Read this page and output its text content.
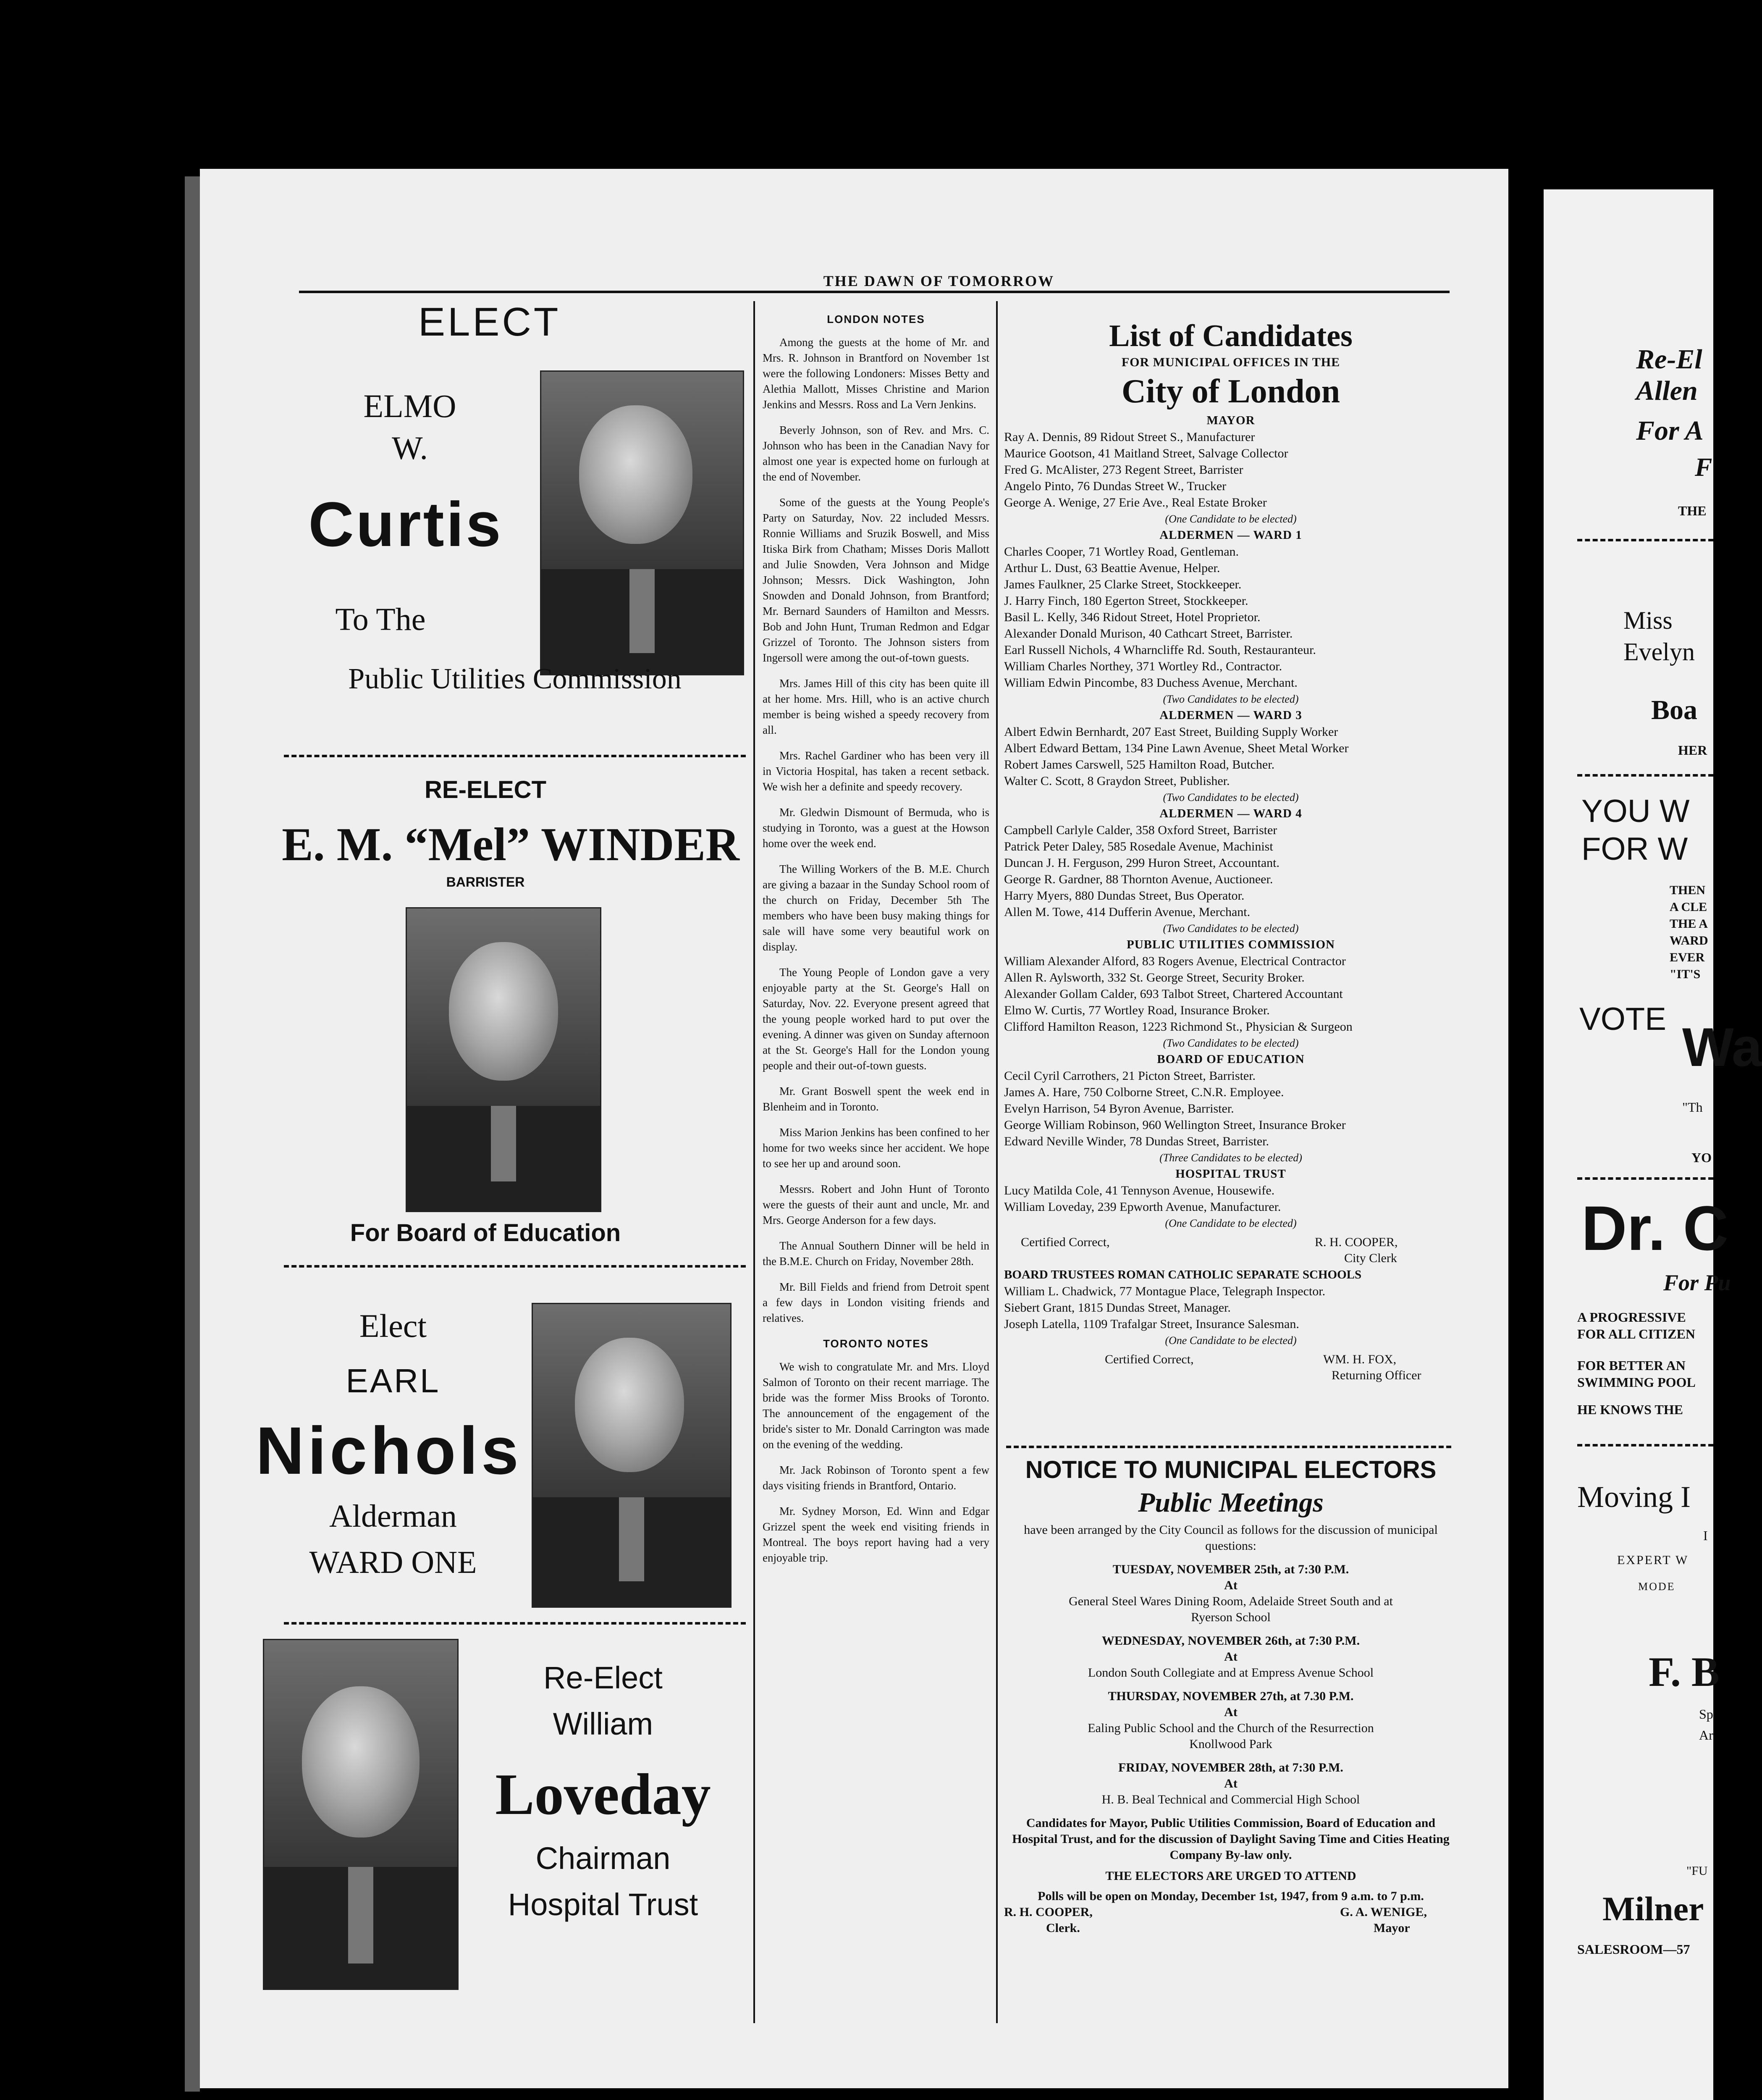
THE DAWN OF TOMORROW
ELECT
ELMO
W.
Curtis
To The
Public Utilities Commission
RE-ELECT
E. M. “Mel” WINDER
BARRISTER
For Board of Education
Elect
EARL
Nichols
Alderman
WARD ONE
Re-Elect
William
Loveday
Chairman
Hospital Trust

LONDON NOTES

Among the guests at the home of Mr. and Mrs. R. Johnson in Brantford on November 1st were the following Londoners: Misses Betty and Alethia Mallott, Misses Christine and Marion Jenkins and Messrs. Ross and La Vern Jenkins.

Beverly Johnson, son of Rev. and Mrs. C. Johnson who has been in the Canadian Navy for almost one year is expected home on furlough at the end of November.

Some of the guests at the Young People's Party on Saturday, Nov. 22 included Messrs. Ronnie Williams and Sruzik Boswell, and Miss Itiska Birk from Chatham; Misses Doris Mallott and Julie Snowden, Vera Johnson and Midge Johnson; Messrs. Dick Washington, John Snowden and Donald Johnson, from Brantford; Mr. Bernard Saunders of Hamilton and Messrs. Bob and John Hunt, Truman Redmon and Edgar Grizzel of Toronto. The Johnson sisters from Ingersoll were among the out-of-town guests.

Mrs. James Hill of this city has been quite ill at her home. Mrs. Hill, who is an active church member is being wished a speedy recovery from all.

Mrs. Rachel Gardiner who has been very ill in Victoria Hospital, has taken a recent setback. We wish her a definite and speedy recovery.

Mr. Gledwin Dismount of Bermuda, who is studying in Toronto, was a guest at the Howson home over the week end.

The Willing Workers of the B. M.E. Church are giving a bazaar in the Sunday School room of the church on Friday, December 5th The members who have been busy making things for sale will have some very beautiful work on display.

The Young People of London gave a very enjoyable party at the St. George's Hall on Saturday, Nov. 22. Everyone present agreed that the young people worked hard to put over the evening. A dinner was given on Sunday afternoon at the St. George's Hall for the London young people and their out-of-town guests.

Mr. Grant Boswell spent the week end in Blenheim and in Toronto.

Miss Marion Jenkins has been confined to her home for two weeks since her accident. We hope to see her up and around soon.

Messrs. Robert and John Hunt of Toronto were the guests of their aunt and uncle, Mr. and Mrs. George Anderson for a few days.

The Annual Southern Dinner will be held in the B.M.E. Church on Friday, November 28th.

Mr. Bill Fields and friend from Detroit spent a few days in London visiting friends and relatives.

TORONTO NOTES

We wish to congratulate Mr. and Mrs. Lloyd Salmon of Toronto on their recent marriage. The bride was the former Miss Brooks of Toronto. The announcement of the engagement of the bride's sister to Mr. Donald Carrington was made on the evening of the wedding.

Mr. Jack Robinson of Toronto spent a few days visiting friends in Brantford, Ontario.

Mr. Sydney Morson, Ed. Winn and Edgar Grizzel spent the week end visiting friends in Montreal. The boys report having had a very enjoyable trip.

List of Candidates
FOR MUNICIPAL OFFICES IN THE
City of London
MAYOR
Ray A. Dennis, 89 Ridout Street S., Manufacturer
Maurice Gootson, 41 Maitland Street, Salvage Collector
Fred G. McAlister, 273 Regent Street, Barrister
Angelo Pinto, 76 Dundas Street W., Trucker
George A. Wenige, 27 Erie Ave., Real Estate Broker
(One Candidate to be elected)
ALDERMEN — WARD 1
Charles Cooper, 71 Wortley Road, Gentleman.
Arthur L. Dust, 63 Beattie Avenue, Helper.
James Faulkner, 25 Clarke Street, Stockkeeper.
J. Harry Finch, 180 Egerton Street, Stockkeeper.
Basil L. Kelly, 346 Ridout Street, Hotel Proprietor.
Alexander Donald Murison, 40 Cathcart Street, Barrister.
Earl Russell Nichols, 4 Wharncliffe Rd. South, Restauranteur.
William Charles Northey, 371 Wortley Rd., Contractor.
William Edwin Pincombe, 83 Duchess Avenue, Merchant.
(Two Candidates to be elected)
ALDERMEN — WARD 3
Albert Edwin Bernhardt, 207 East Street, Building Supply Worker
Albert Edward Bettam, 134 Pine Lawn Avenue, Sheet Metal Worker
Robert James Carswell, 525 Hamilton Road, Butcher.
Walter C. Scott, 8 Graydon Street, Publisher.
(Two Candidates to be elected)
ALDERMEN — WARD 4
Campbell Carlyle Calder, 358 Oxford Street, Barrister
Patrick Peter Daley, 585 Rosedale Avenue, Machinist
Duncan J. H. Ferguson, 299 Huron Street, Accountant.
George R. Gardner, 88 Thornton Avenue, Auctioneer.
Harry Myers, 880 Dundas Street, Bus Operator.
Allen M. Towe, 414 Dufferin Avenue, Merchant.
(Two Candidates to be elected)
PUBLIC UTILITIES COMMISSION
William Alexander Alford, 83 Rogers Avenue, Electrical Contractor
Allen R. Aylsworth, 332 St. George Street, Security Broker.
Alexander Gollam Calder, 693 Talbot Street, Chartered Accountant
Elmo W. Curtis, 77 Wortley Road, Insurance Broker.
Clifford Hamilton Reason, 1223 Richmond St., Physician & Surgeon
(Two Candidates to be elected)
BOARD OF EDUCATION
Cecil Cyril Carrothers, 21 Picton Street, Barrister.
James A. Hare, 750 Colborne Street, C.N.R. Employee.
Evelyn Harrison, 54 Byron Avenue, Barrister.
George William Robinson, 960 Wellington Street, Insurance Broker
Edward Neville Winder, 78 Dundas Street, Barrister.
(Three Candidates to be elected)
HOSPITAL TRUST
Lucy Matilda Cole, 41 Tennyson Avenue, Housewife.
William Loveday, 239 Epworth Avenue, Manufacturer.
(One Candidate to be elected)
Certified Correct,	R. H. COOPER,
City Clerk
BOARD TRUSTEES ROMAN CATHOLIC SEPARATE SCHOOLS
William L. Chadwick, 77 Montague Place, Telegraph Inspector.
Siebert Grant, 1815 Dundas Street, Manager.
Joseph Latella, 1109 Trafalgar Street, Insurance Salesman.
(One Candidate to be elected)
Certified Correct,	WM. H. FOX,
Returning Officer
NOTICE TO MUNICIPAL ELECTORS
Public Meetings
have been arranged by the City Council as follows for the discussion of municipal questions:
TUESDAY, NOVEMBER 25th, at 7:30 P.M.
At
General Steel Wares Dining Room, Adelaide Street South and at Ryerson School
WEDNESDAY, NOVEMBER 26th, at 7:30 P.M.
At
London South Collegiate and at Empress Avenue School
THURSDAY, NOVEMBER 27th, at 7.30 P.M.
At
Ealing Public School and the Church of the Resurrection Knollwood Park
FRIDAY, NOVEMBER 28th, at 7:30 P.M.
At
H. B. Beal Technical and Commercial High School
Candidates for Mayor, Public Utilities Commission, Board of Education and Hospital Trust, and for the discussion of Daylight Saving Time and Cities Heating Company By-law only.
THE ELECTORS ARE URGED TO ATTEND
Polls will be open on Monday, December 1st, 1947, from 9 a.m. to 7 p.m.
R. H. COOPER,
Clerk.
G. A. WENIGE,
Mayor
Re-El
Allen
For A
F
THE
Miss
Evelyn
Boa
HER
YOU W
FOR W
THEN
A CLE
THE A
WARD
EVER
"IT'S
VOTE Wa
"Th
YO
Dr. C
For Pu
A PROGRESSIVE
FOR ALL CITIZEN
FOR BETTER AN
SWIMMING POOL
HE KNOWS THE
Moving I
I
EXPERT W
MODE
F. B
Sp
Ar
"FU
Milner
SALESROOM—57
